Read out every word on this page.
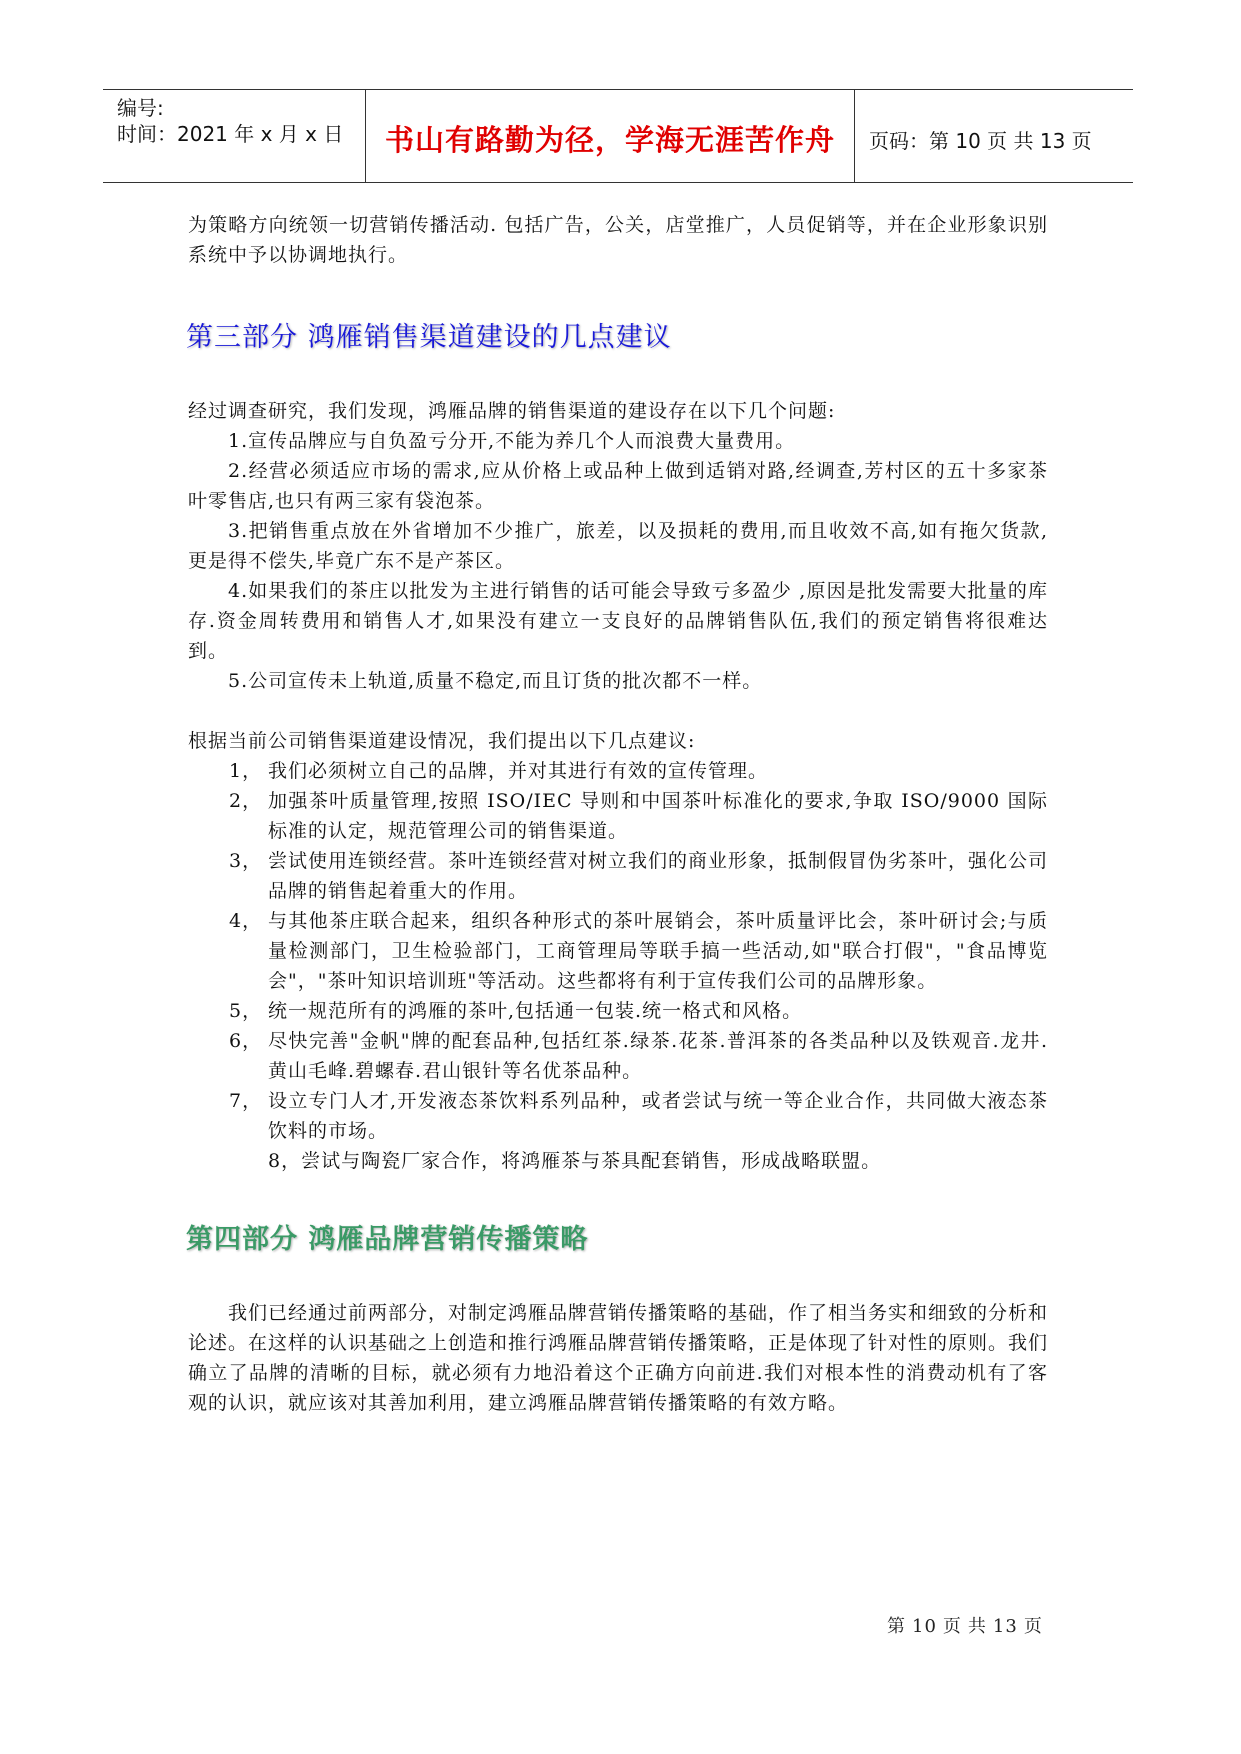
编号:
时间：2021 年 x 月 x 日	书山有路勤为径，学海无涯苦作舟	页码：第 10 页 共 13 页

为策略方向统领一切营销传播活动. 包括广告，公关，店堂推广，人员促销等，并在企业形象识别系统中予以协调地执行。

第三部分 鸿雁销售渠道建设的几点建议

经过调查研究，我们发现，鸿雁品牌的销售渠道的建设存在以下几个问题:

1.宣传品牌应与自负盈亏分开,不能为养几个人而浪费大量费用。

2.经营必须适应市场的需求,应从价格上或品种上做到适销对路,经调查,芳村区的五十多家茶叶零售店,也只有两三家有袋泡茶。

3.把销售重点放在外省增加不少推广，旅差，以及损耗的费用,而且收效不高,如有拖欠货款,更是得不偿失,毕竟广东不是产茶区。

4.如果我们的茶庄以批发为主进行销售的话可能会导致亏多盈少 ,原因是批发需要大批量的库存.资金周转费用和销售人才,如果没有建立一支良好的品牌销售队伍,我们的预定销售将很难达到。

5.公司宣传未上轨道,质量不稳定,而且订货的批次都不一样。

根据当前公司销售渠道建设情况，我们提出以下几点建议:

1， 我们必须树立自己的品牌，并对其进行有效的宣传管理。
2， 加强茶叶质量管理,按照 ISO/IEC 导则和中国茶叶标准化的要求,争取 ISO/9000 国际标准的认定，规范管理公司的销售渠道。
3， 尝试使用连锁经营。茶叶连锁经营对树立我们的商业形象，抵制假冒伪劣茶叶，强化公司品牌的销售起着重大的作用。
4， 与其他茶庄联合起来，组织各种形式的茶叶展销会，茶叶质量评比会，茶叶研讨会;与质量检测部门，卫生检验部门，工商管理局等联手搞一些活动,如"联合打假"，"食品博览会"，"茶叶知识培训班"等活动。这些都将有利于宣传我们公司的品牌形象。
5， 统一规范所有的鸿雁的茶叶,包括通一包装.统一格式和风格。
6， 尽快完善"金帆"牌的配套品种,包括红茶.绿茶.花茶.普洱茶的各类品种以及铁观音.龙井.黄山毛峰.碧螺春.君山银针等名优茶品种。
7， 设立专门人才,开发液态茶饮料系列品种，或者尝试与统一等企业合作，共同做大液态茶饮料的市场。
8，尝试与陶瓷厂家合作，将鸿雁茶与茶具配套销售，形成战略联盟。
第四部分 鸿雁品牌营销传播策略

我们已经通过前两部分，对制定鸿雁品牌营销传播策略的基础，作了相当务实和细致的分析和论述。在这样的认识基础之上创造和推行鸿雁品牌营销传播策略，正是体现了针对性的原则。我们确立了品牌的清晰的目标，就必须有力地沿着这个正确方向前进.我们对根本性的消费动机有了客观的认识，就应该对其善加利用，建立鸿雁品牌营销传播策略的有效方略。

第 10 页 共 13 页
